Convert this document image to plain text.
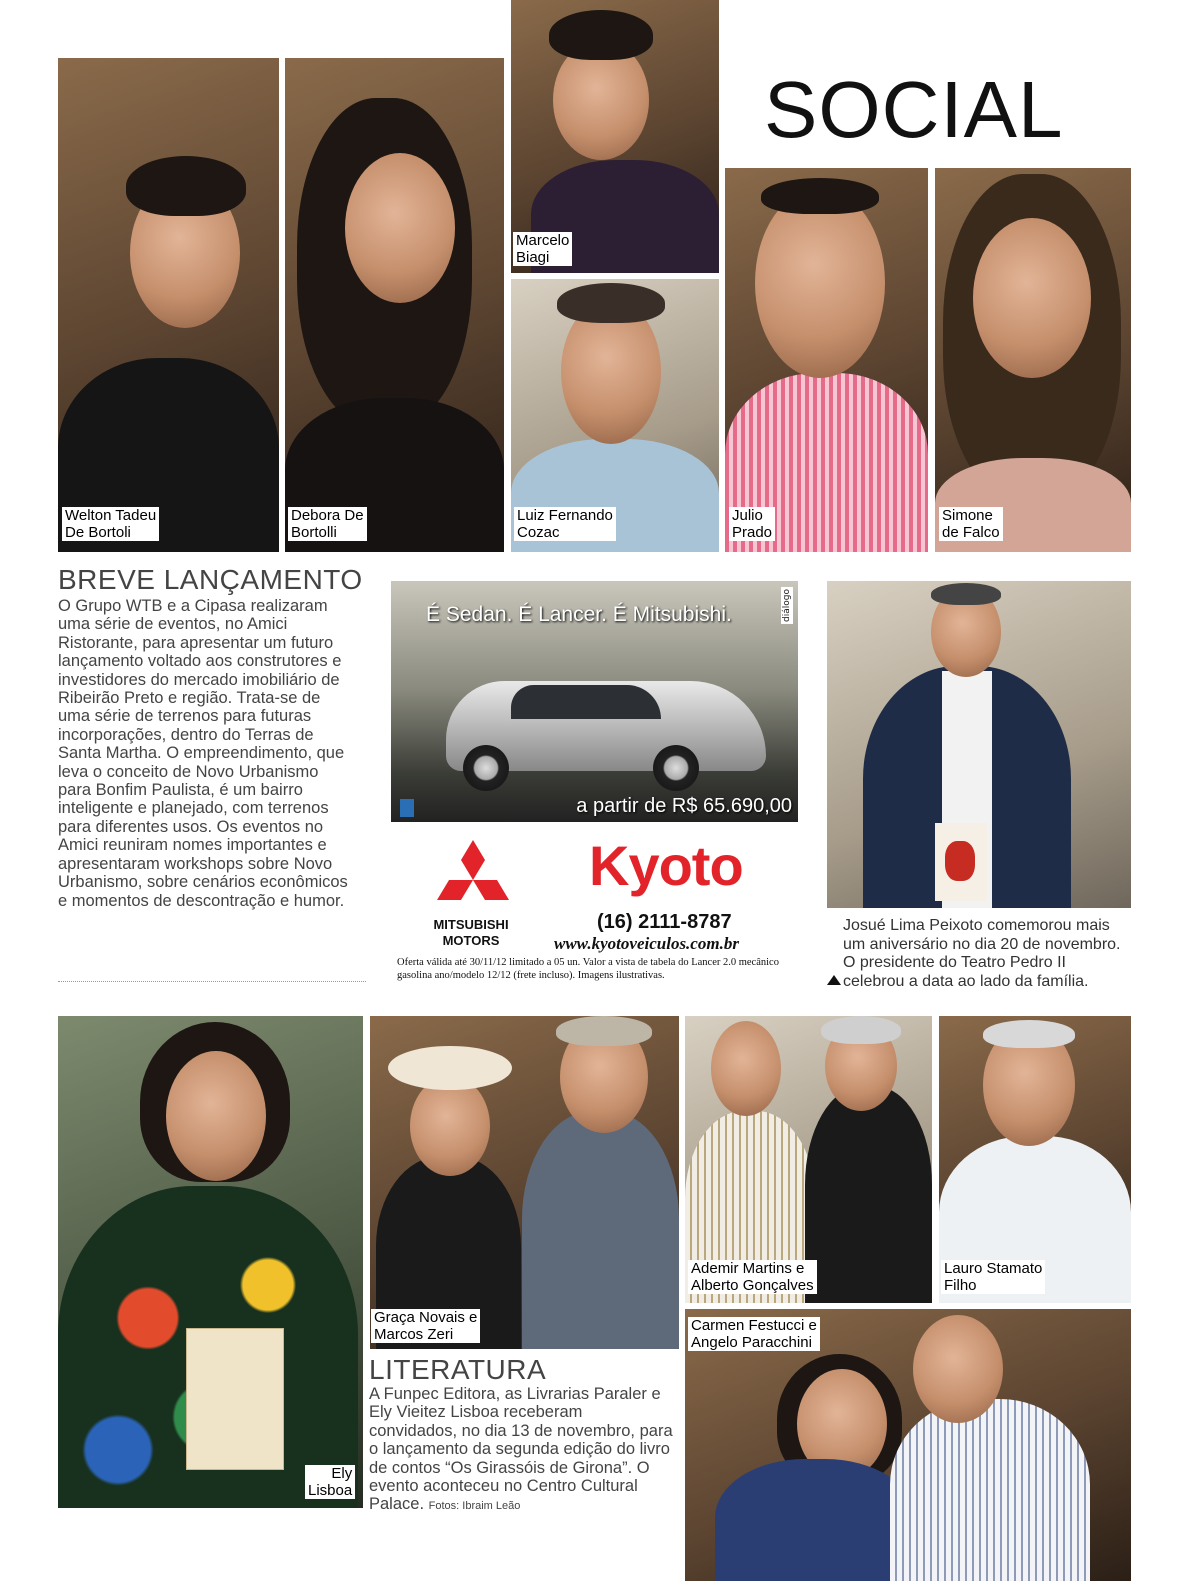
SOCIAL
Welton Tadeu
De Bortoli
Debora De
Bortolli
Marcelo
Biagi
Luiz Fernando
Cozac
Julio
Prado
Simone
de Falco
BREVE LANÇAMENTO
O Grupo WTB e a Cipasa realizaram uma série de eventos, no Amici Ristorante, para apresentar um futuro lançamento voltado aos construtores e investidores do mercado imobiliário de Ribeirão Preto e região. Trata-se de uma série de terrenos para futuras incorporações, dentro do Terras de Santa Martha. O empreendimento, que leva o conceito de Novo Urbanismo para Bonfim Paulista, é um bairro inteligente e planejado, com terrenos para diferentes usos. Os eventos no Amici reuniram nomes importantes e apresentaram workshops sobre Novo Urbanismo, sobre cenários econômicos e momentos de descontração e humor.
É Sedan. É Lancer. É Mitsubishi.	diálogo
a partir de R$ 65.690,00
MITSUBISHI
MOTORS
Kyoto
(16) 2111-8787
www.kyotoveiculos.com.br
Oferta válida até 30/11/12 limitado a 05 un. Valor a vista de tabela do Lancer 2.0 mecânico gasolina ano/modelo 12/12 (frete incluso). Imagens ilustrativas.
Josué Lima Peixoto comemorou mais
um aniversário no dia 20 de novembro.
O presidente do Teatro Pedro II
celebrou a data ao lado da família.
Ely
Lisboa
Graça Novais e
Marcos Zeri
LITERATURA
A Funpec Editora, as Livrarias Paraler e Ely Vieitez Lisboa receberam convidados, no dia 13 de novembro, para o lançamento da segunda edição do livro de contos “Os Girassóis de Girona”. O evento aconteceu no Centro Cultural Palace. Fotos: Ibraim Leão
Ademir Martins e
Alberto Gonçalves
Lauro Stamato
Filho
Carmen Festucci e
Angelo Paracchini
